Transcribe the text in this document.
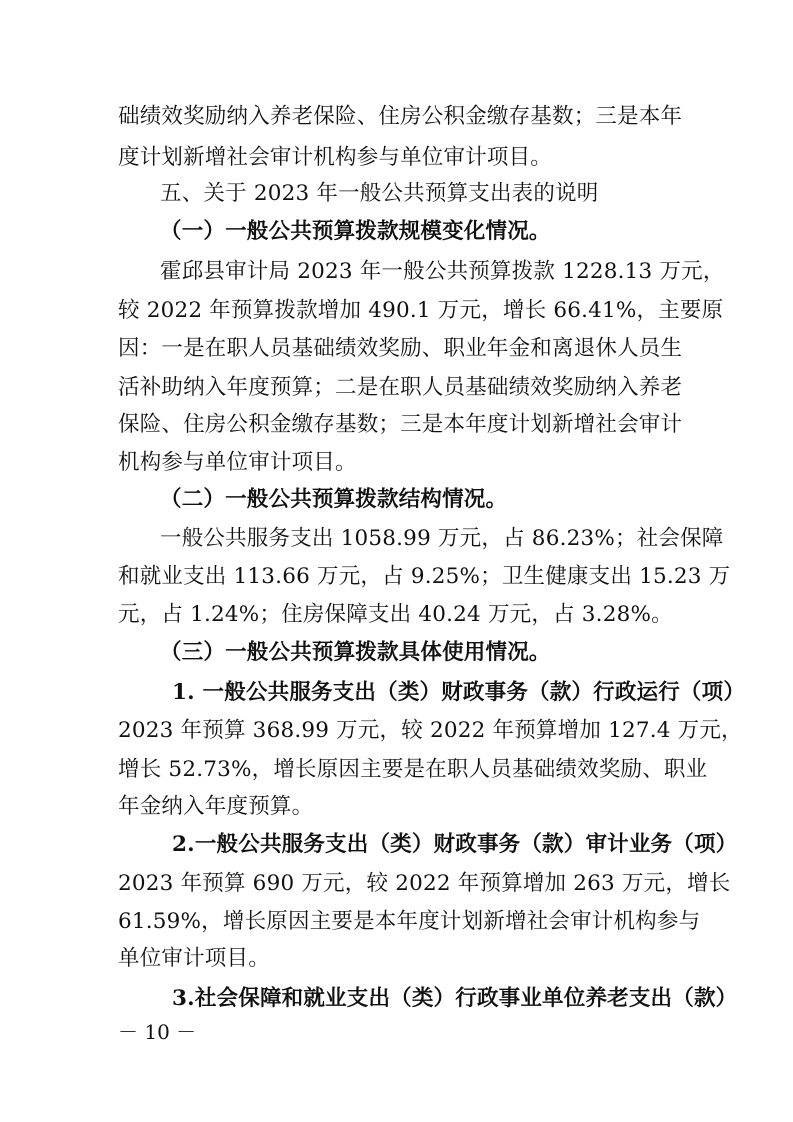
础绩效奖励纳入养老保险、住房公积金缴存基数；三是本年
度计划新增社会审计机构参与单位审计项目。
五、关于 2023 年一般公共预算支出表的说明
（一）一般公共预算拨款规模变化情况。
霍邱县审计局 2023 年一般公共预算拨款 1228.13 万元，
较 2022 年预算拨款增加 490.1 万元，增长 66.41%，主要原
因：一是在职人员基础绩效奖励、职业年金和离退休人员生
活补助纳入年度预算；二是在职人员基础绩效奖励纳入养老
保险、住房公积金缴存基数；三是本年度计划新增社会审计
机构参与单位审计项目。
（二）一般公共预算拨款结构情况。
一般公共服务支出 1058.99 万元，占 86.23%；社会保障
和就业支出 113.66 万元，占 9.25%；卫生健康支出 15.23 万
元，占 1.24%；住房保障支出 40.24 万元，占 3.28%。
（三）一般公共预算拨款具体使用情况。
1. 一般公共服务支出（类）财政事务（款）行政运行（项）
2023 年预算 368.99 万元，较 2022 年预算增加 127.4 万元，
增长 52.73%，增长原因主要是在职人员基础绩效奖励、职业
年金纳入年度预算。
2.一般公共服务支出（类）财政事务（款）审计业务（项）
2023 年预算 690 万元，较 2022 年预算增加 263 万元，增长
61.59%，增长原因主要是本年度计划新增社会审计机构参与
单位审计项目。
3.社会保障和就业支出（类）行政事业单位养老支出（款）
－ 10 －
